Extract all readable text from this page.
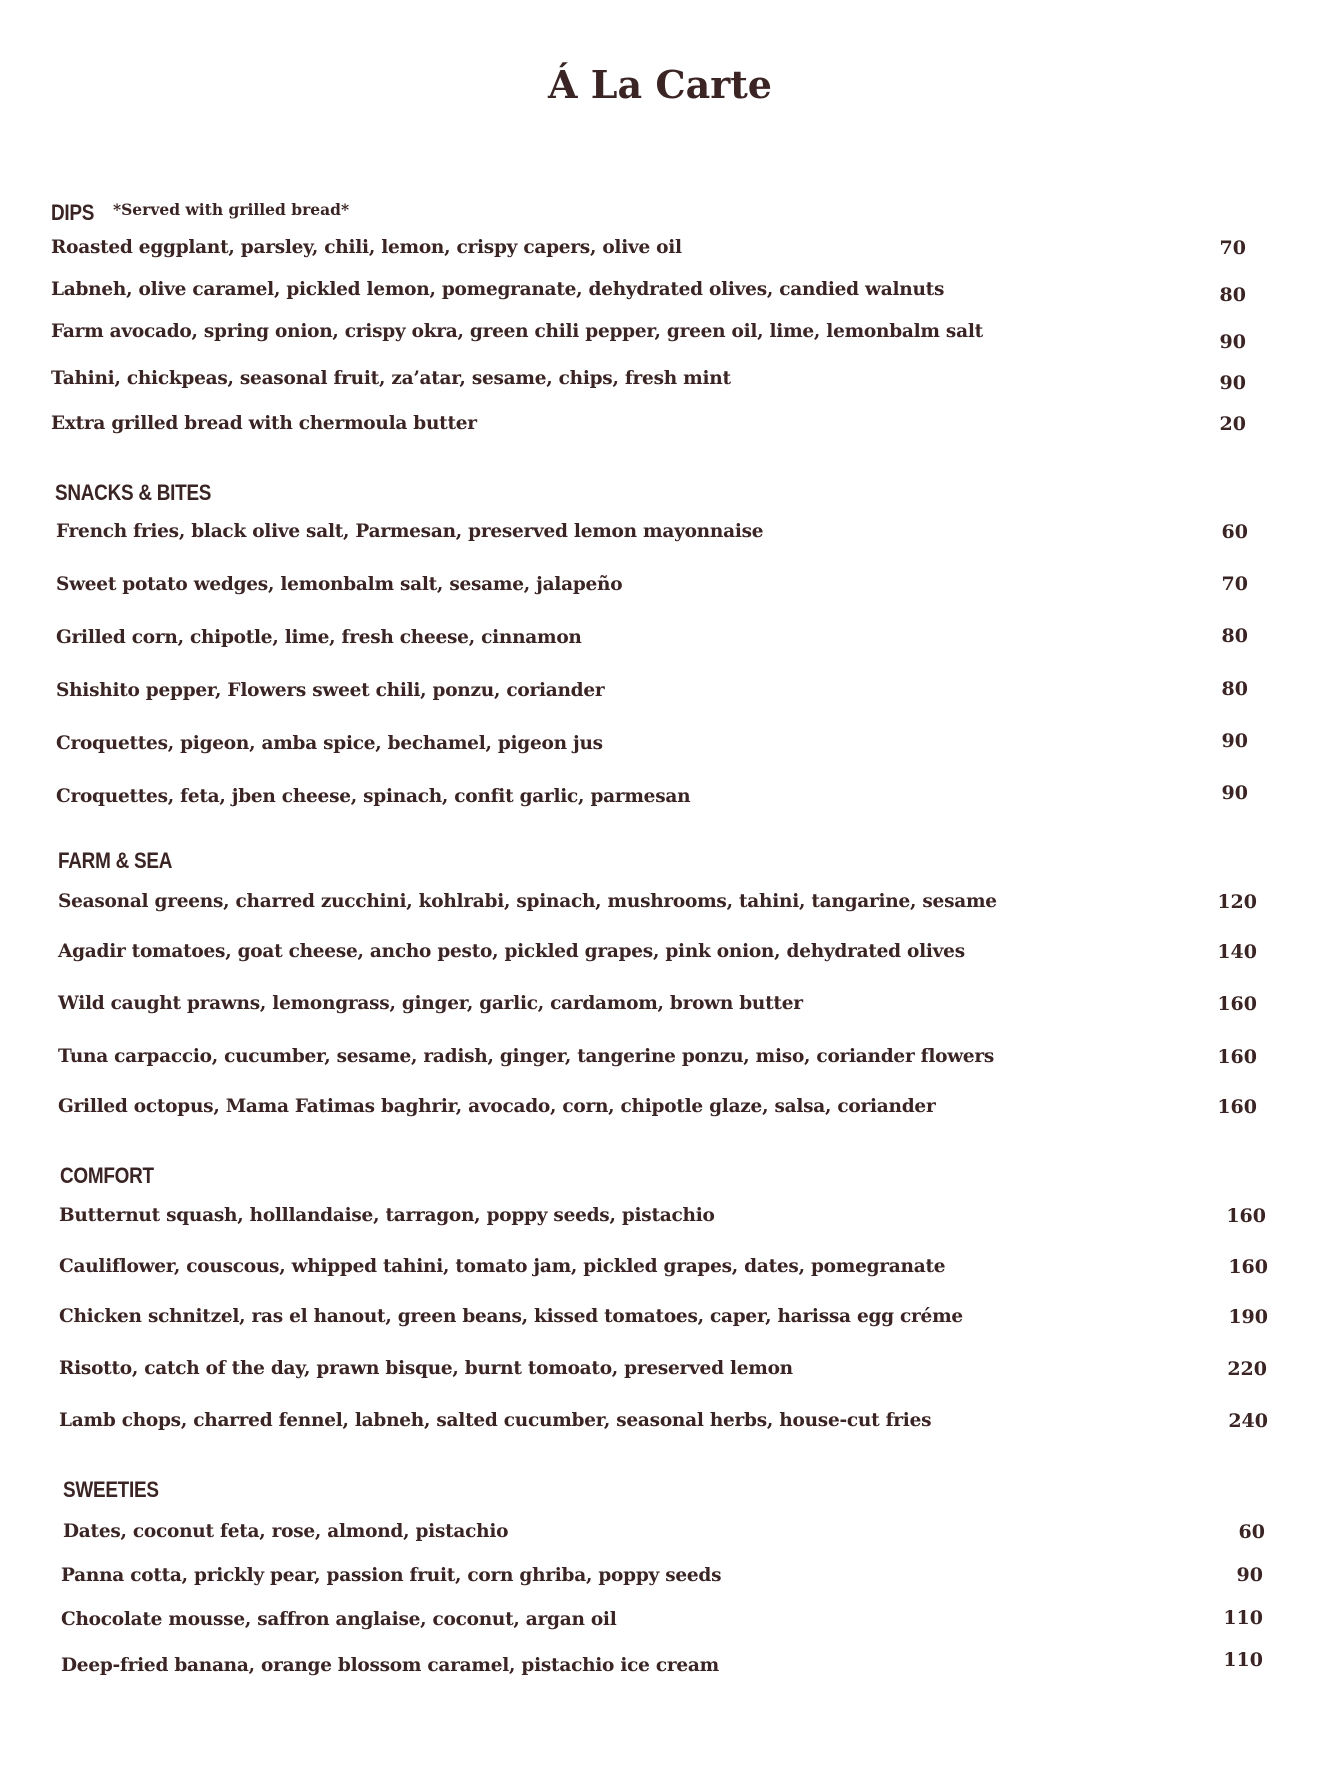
Á La Carte
DIPS *Served with grilled bread*
Roasted eggplant, parsley, chili, lemon, crispy capers, olive oil	70
Labneh, olive caramel, pickled lemon, pomegranate, dehydrated olives, candied walnuts	80
Farm avocado, spring onion, crispy okra, green chili pepper, green oil, lime, lemonbalm salt	90
Tahini, chickpeas, seasonal fruit, za’atar, sesame, chips, fresh mint	90
Extra grilled bread with chermoula butter	20
SNACKS & BITES
French fries, black olive salt, Parmesan, preserved lemon mayonnaise	60
Sweet potato wedges, lemonbalm salt, sesame, jalapeño	70
Grilled corn, chipotle, lime, fresh cheese, cinnamon	80
Shishito pepper, Flowers sweet chili, ponzu, coriander	80
Croquettes, pigeon, amba spice, bechamel, pigeon jus	90
Croquettes, feta, jben cheese, spinach, confit garlic, parmesan	90
FARM & SEA
Seasonal greens, charred zucchini, kohlrabi, spinach, mushrooms, tahini, tangarine, sesame	120
Agadir tomatoes, goat cheese, ancho pesto, pickled grapes, pink onion, dehydrated olives	140
Wild caught prawns, lemongrass, ginger, garlic, cardamom, brown butter	160
Tuna carpaccio, cucumber, sesame, radish, ginger, tangerine ponzu, miso, coriander flowers	160
Grilled octopus, Mama Fatimas baghrir, avocado, corn, chipotle glaze, salsa, coriander	160
COMFORT
Butternut squash, holllandaise, tarragon, poppy seeds, pistachio	160
Cauliflower, couscous, whipped tahini, tomato jam, pickled grapes, dates, pomegranate	160
Chicken schnitzel, ras el hanout, green beans, kissed tomatoes, caper, harissa egg créme	190
Risotto, catch of the day, prawn bisque, burnt tomoato, preserved lemon	220
Lamb chops, charred fennel, labneh, salted cucumber, seasonal herbs, house-cut fries	240
SWEETIES
Dates, coconut feta, rose, almond, pistachio	60
Panna cotta, prickly pear, passion fruit, corn ghriba, poppy seeds	90
Chocolate mousse, saffron anglaise, coconut, argan oil	110
Deep-fried banana, orange blossom caramel, pistachio ice cream	110
